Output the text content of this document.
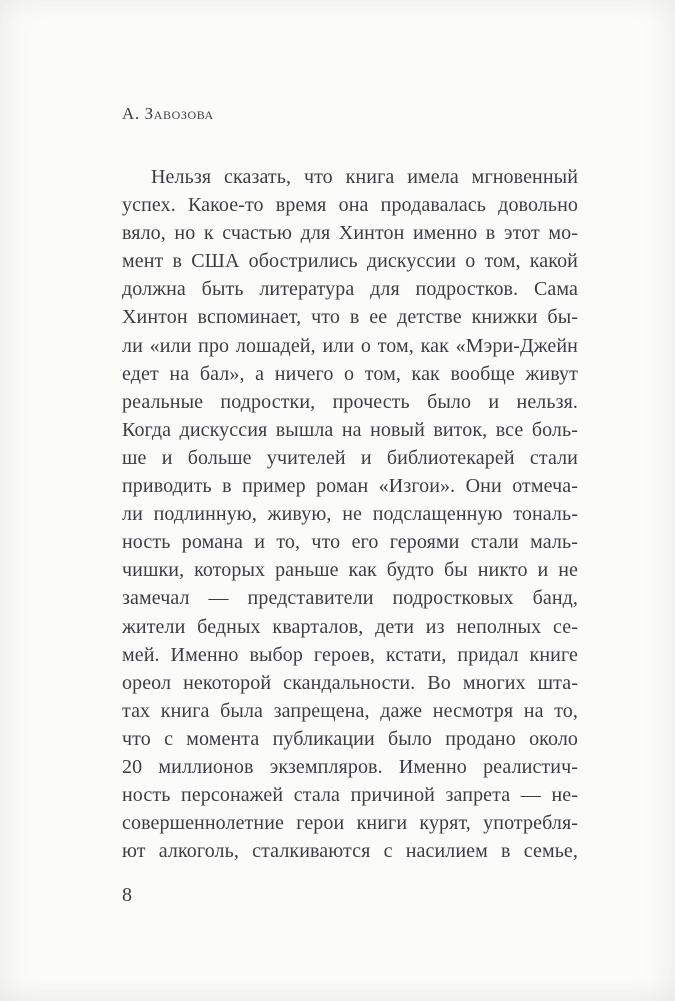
А. Завозова
Нельзя сказать, что книга имела мгновенный
успех. Какое-то время она продавалась довольно
вяло, но к счастью для Хинтон именно в этот мо-
мент в США обострились дискуссии о том, какой
должна быть литература для подростков. Сама
Хинтон вспоминает, что в ее детстве книжки бы-
ли «или про лошадей, или о том, как «Мэри-Джейн
едет на бал», а ничего о том, как вообще живут
реальные подростки, прочесть было и нельзя.
Когда дискуссия вышла на новый виток, все боль-
ше и больше учителей и библиотекарей стали
приводить в пример роман «Изгои». Они отмеча-
ли подлинную, живую, не подслащенную тональ-
ность романа и то, что его героями стали маль-
чишки, которых раньше как будто бы никто и не
замечал — представители подростковых банд,
жители бедных кварталов, дети из неполных се-
мей. Именно выбор героев, кстати, придал книге
ореол некоторой скандальности. Во многих шта-
тах книга была запрещена, даже несмотря на то,
что с момента публикации было продано около
20 миллионов экземпляров. Именно реалистич-
ность персонажей стала причиной запрета — не-
совершеннолетние герои книги курят, употребля-
ют алкоголь, сталкиваются с насилием в семье,
8
